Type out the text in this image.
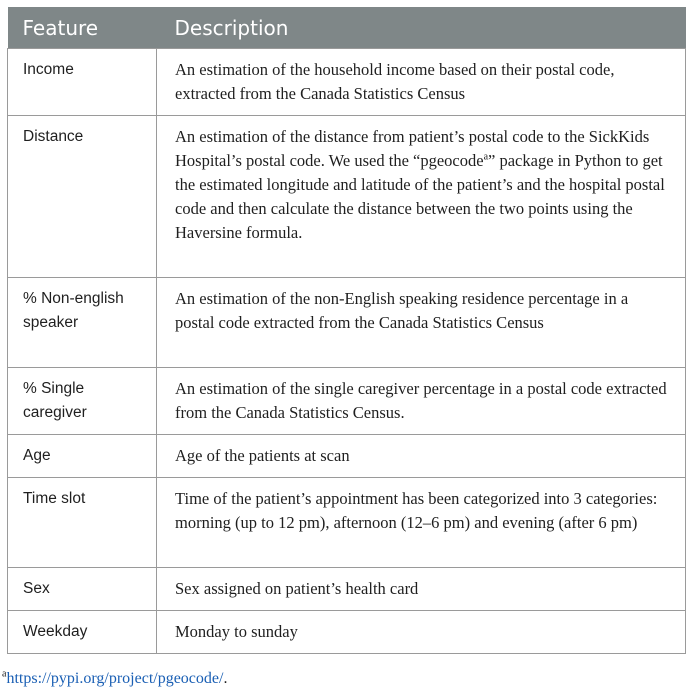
Feature	Description
Income	An estimation of the household income based on their postal code, extracted from the Canada Statistics Census
Distance	An estimation of the distance from patient’s postal code to the SickKids Hospital’s postal code. We used the “pgeocode$^a$” package in Python to get the estimated longitude and latitude of the patient’s and the hospital postal code and then calculate the distance between the two points using the Haversine formula.
% Non-english speaker	An estimation of the non-English speaking residence percentage in a postal code extracted from the Canada Statistics Census
% Single caregiver	An estimation of the single caregiver percentage in a postal code extracted from the Canada Statistics Census.
Age	Age of the patients at scan
Time slot	Time of the patient’s appointment has been categorized into 3 categories: morning (up to 12 pm), afternoon (12–6 pm) and evening (after 6 pm)
Sex	Sex assigned on patient’s health card
Weekday	Monday to sunday
$^a$https://pypi.org/project/pgeocode/.
